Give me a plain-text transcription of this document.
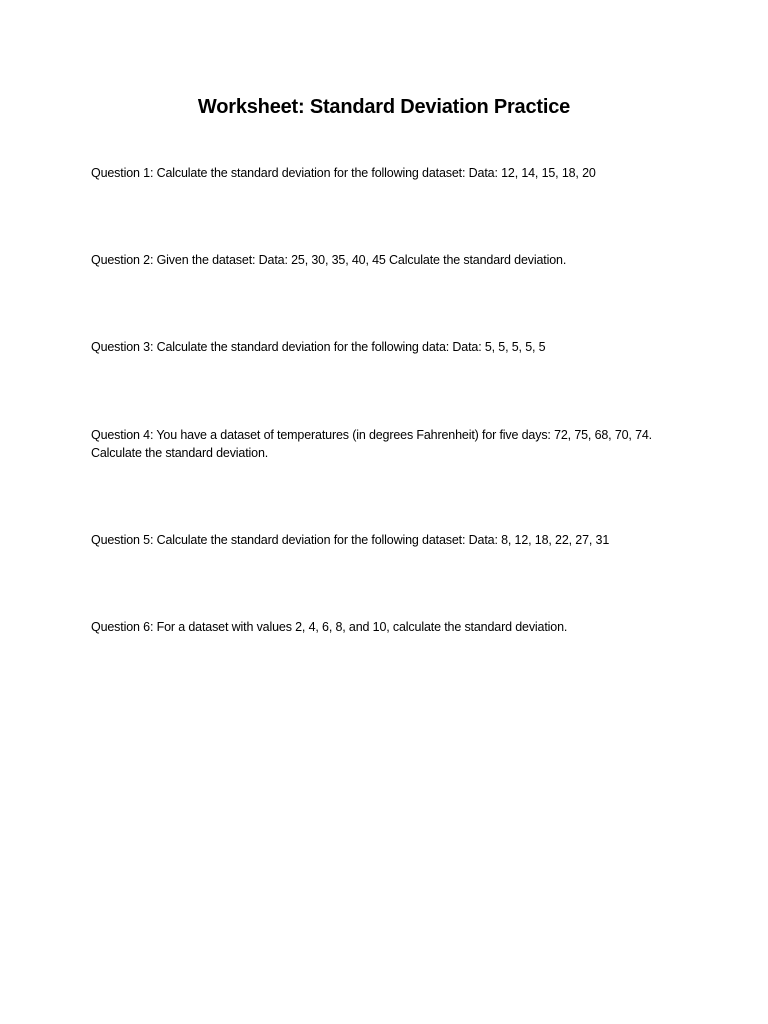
Worksheet: Standard Deviation Practice
Question 1: Calculate the standard deviation for the following dataset: Data: 12, 14, 15, 18, 20
Question 2: Given the dataset: Data: 25, 30, 35, 40, 45 Calculate the standard deviation.
Question 3: Calculate the standard deviation for the following data: Data: 5, 5, 5, 5, 5
Question 4: You have a dataset of temperatures (in degrees Fahrenheit) for five days: 72, 75, 68, 70, 74. Calculate the standard deviation.
Question 5: Calculate the standard deviation for the following dataset: Data: 8, 12, 18, 22, 27, 31
Question 6: For a dataset with values 2, 4, 6, 8, and 10, calculate the standard deviation.
